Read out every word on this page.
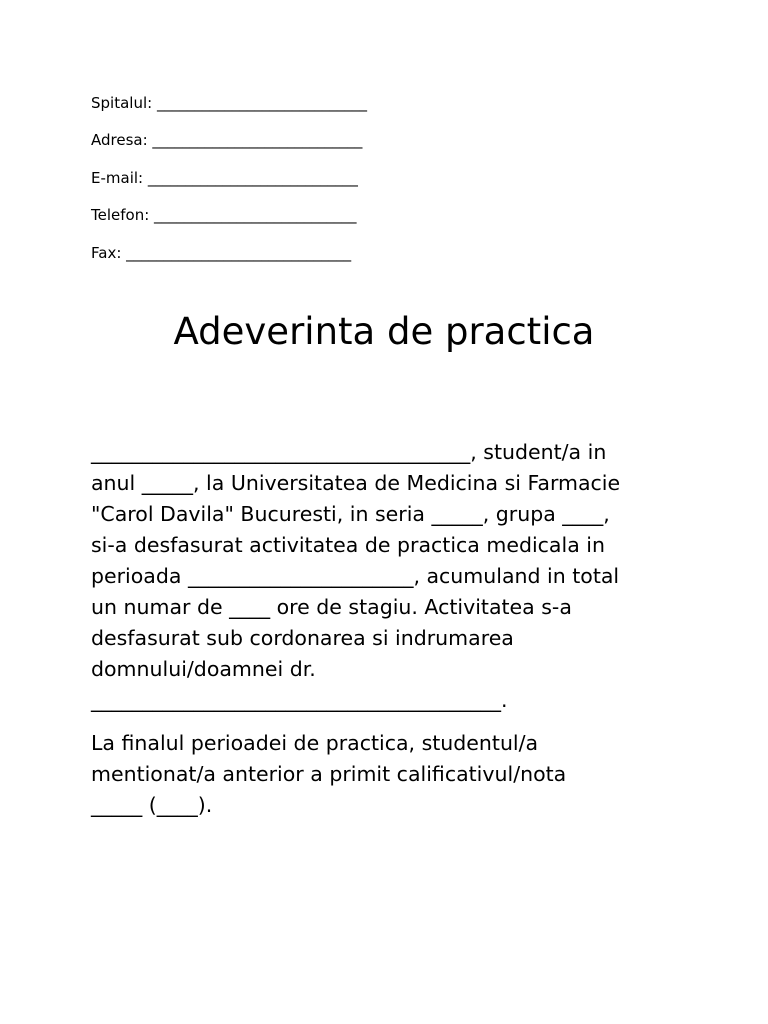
Spitalul: ____________________________
Adresa: ____________________________
E-mail: ____________________________
Telefon: ___________________________
Fax: ______________________________
Adeverinta de practica
_____________________________________, student/a in
anul _____, la Universitatea de Medicina si Farmacie
"Carol Davila" Bucuresti, in seria _____, grupa ____,
si-a desfasurat activitatea de practica medicala in
perioada ______________________, acumuland in total
un numar de ____ ore de stagiu. Activitatea s-a
desfasurat sub cordonarea si indrumarea
domnului/doamnei dr.
________________________________________.
La finalul perioadei de practica, studentul/a
mentionat/a anterior a primit calificativul/nota
_____ (____).
